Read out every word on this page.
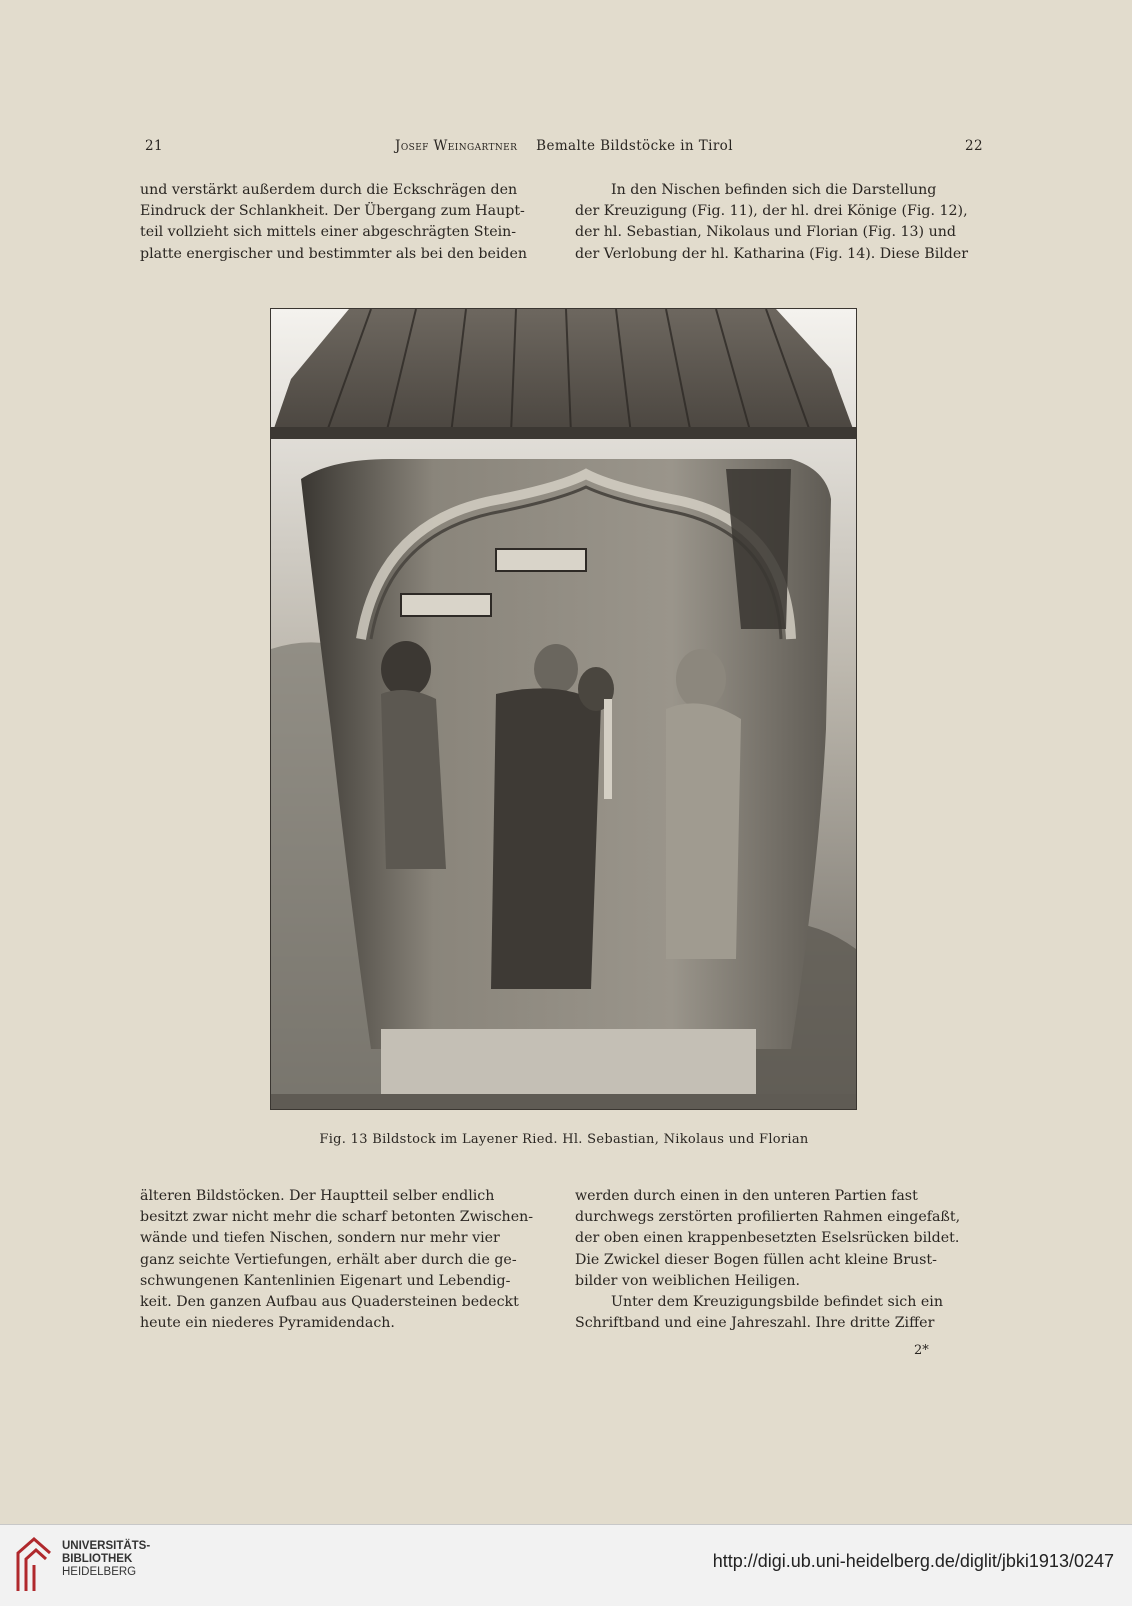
21	Josef Weingartner Bemalte Bildstöcke in Tirol	22
und verstärkt außerdem durch die Eckschrägen den
Eindruck der Schlankheit. Der Übergang zum Haupt-
teil vollzieht sich mittels einer abgeschrägten Stein-
platte energischer und bestimmter als bei den beiden
In den Nischen befinden sich die Darstellung
der Kreuzigung (Fig. 11), der hl. drei Könige (Fig. 12),
der hl. Sebastian, Nikolaus und Florian (Fig. 13) und
der Verlobung der hl. Katharina (Fig. 14). Diese Bilder
Fig. 13 Bildstock im Layener Ried. Hl. Sebastian, Nikolaus und Florian
älteren Bildstöcken. Der Hauptteil selber endlich
besitzt zwar nicht mehr die scharf betonten Zwischen-
wände und tiefen Nischen, sondern nur mehr vier
ganz seichte Vertiefungen, erhält aber durch die ge-
schwungenen Kantenlinien Eigenart und Lebendig-
keit. Den ganzen Aufbau aus Quadersteinen bedeckt
heute ein niederes Pyramidendach.
werden durch einen in den unteren Partien fast
durchwegs zerstörten profilierten Rahmen eingefaßt,
der oben einen krappenbesetzten Eselsrücken bildet.
Die Zwickel dieser Bogen füllen acht kleine Brust-
bilder von weiblichen Heiligen.
Unter dem Kreuzigungsbilde befindet sich ein
Schriftband und eine Jahreszahl. Ihre dritte Ziffer
2*
UNIVERSITÄTS-
BIBLIOTHEK
HEIDELBERG
http://digi.ub.uni-heidelberg.de/diglit/jbki1913/0247
